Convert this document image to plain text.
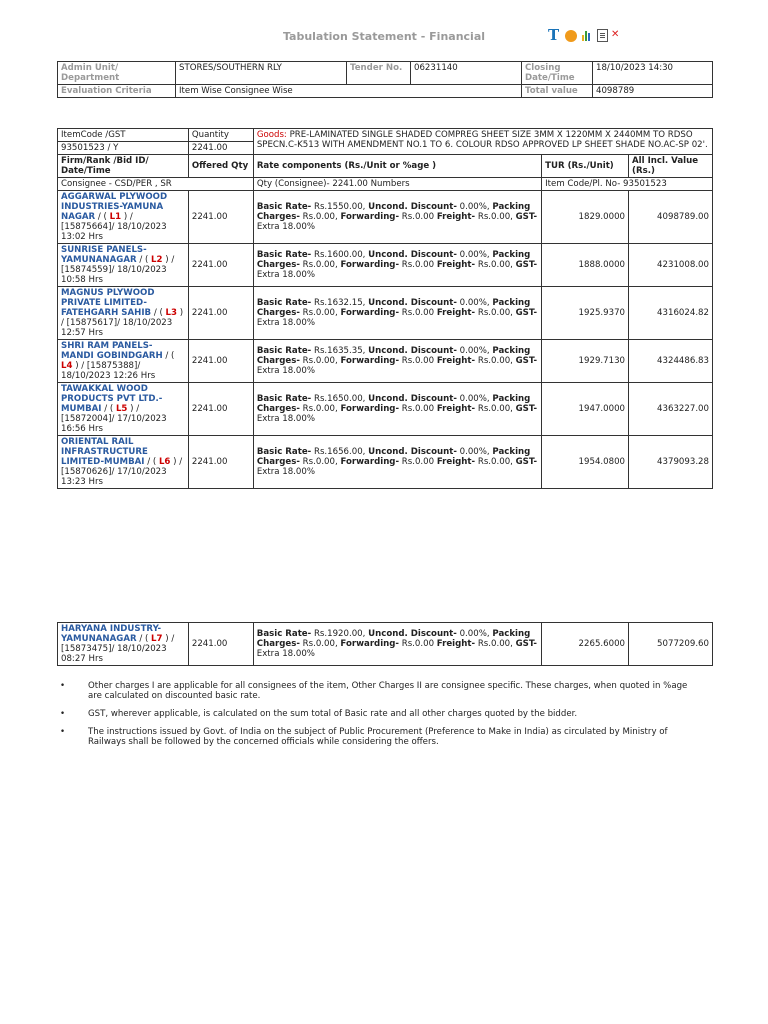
Tabulation Statement - Financial	T	✕
Admin Unit/ Department	STORES/SOUTHERN RLY	Tender No.	06231140	Closing Date/Time	18/10/2023 14:30
Evaluation Criteria	Item Wise Consignee Wise			Total value	4098789
ItemCode /GST	Quantity	Goods: PRE-LAMINATED SINGLE SHADED COMPREG SHEET SIZE 3MM X 1220MM X 2440MM TO RDSO SPECN.C-K513 WITH AMENDMENT NO.1 TO 6. COLOUR RDSO APPROVED LP SHEET SHADE NO.AC-SP 02'.		
93501523 / Y	2241.00			
Firm/Rank /Bid ID/ Date/Time	Offered Qty	Rate components (Rs./Unit or %age )	TUR (Rs./Unit)	All Incl. Value (Rs.)
Consignee - CSD/PER , SR		Qty (Consignee)- 2241.00 Numbers	Item Code/Pl. No- 93501523	
AGGARWAL PLYWOOD INDUSTRIES-YAMUNA NAGAR / ( L1 ) / [15875664]/ 18/10/2023 13:02 Hrs	2241.00	Basic Rate- Rs.1550.00, Uncond. Discount- 0.00%, Packing Charges- Rs.0.00, Forwarding- Rs.0.00 Freight- Rs.0.00, GST- Extra 18.00%	1829.0000	4098789.00
SUNRISE PANELS-YAMUNANAGAR / ( L2 ) / [15874559]/ 18/10/2023 10:58 Hrs	2241.00	Basic Rate- Rs.1600.00, Uncond. Discount- 0.00%, Packing Charges- Rs.0.00, Forwarding- Rs.0.00 Freight- Rs.0.00, GST- Extra 18.00%	1888.0000	4231008.00
MAGNUS PLYWOOD PRIVATE LIMITED-FATEHGARH SAHIB / ( L3 ) / [15875617]/ 18/10/2023 12:57 Hrs	2241.00	Basic Rate- Rs.1632.15, Uncond. Discount- 0.00%, Packing Charges- Rs.0.00, Forwarding- Rs.0.00 Freight- Rs.0.00, GST- Extra 18.00%	1925.9370	4316024.82
SHRI RAM PANELS-MANDI GOBINDGARH / ( L4 ) / [15875388]/ 18/10/2023 12:26 Hrs	2241.00	Basic Rate- Rs.1635.35, Uncond. Discount- 0.00%, Packing Charges- Rs.0.00, Forwarding- Rs.0.00 Freight- Rs.0.00, GST- Extra 18.00%	1929.7130	4324486.83
TAWAKKAL WOOD PRODUCTS PVT LTD.-MUMBAI / ( L5 ) / [15872004]/ 17/10/2023 16:56 Hrs	2241.00	Basic Rate- Rs.1650.00, Uncond. Discount- 0.00%, Packing Charges- Rs.0.00, Forwarding- Rs.0.00 Freight- Rs.0.00, GST- Extra 18.00%	1947.0000	4363227.00
ORIENTAL RAIL INFRASTRUCTURE LIMITED-MUMBAI / ( L6 ) / [15870626]/ 17/10/2023 13:23 Hrs	2241.00	Basic Rate- Rs.1656.00, Uncond. Discount- 0.00%, Packing Charges- Rs.0.00, Forwarding- Rs.0.00 Freight- Rs.0.00, GST- Extra 18.00%	1954.0800	4379093.28
HARYANA INDUSTRY-YAMUNANAGAR / ( L7 ) / [15873475]/ 18/10/2023 08:27 Hrs	2241.00	Basic Rate- Rs.1920.00, Uncond. Discount- 0.00%, Packing Charges- Rs.0.00, Forwarding- Rs.0.00 Freight- Rs.0.00, GST- Extra 18.00%	2265.6000	5077209.60
•	Other charges I are applicable for all consignees of the item, Other Charges II are consignee specific. These charges, when quoted in %age are calculated on discounted basic rate.
•	GST, wherever applicable, is calculated on the sum total of Basic rate and all other charges quoted by the bidder.
•	The instructions issued by Govt. of India on the subject of Public Procurement (Preference to Make in India) as circulated by Ministry of Railways shall be followed by the concerned officials while considering the offers.
